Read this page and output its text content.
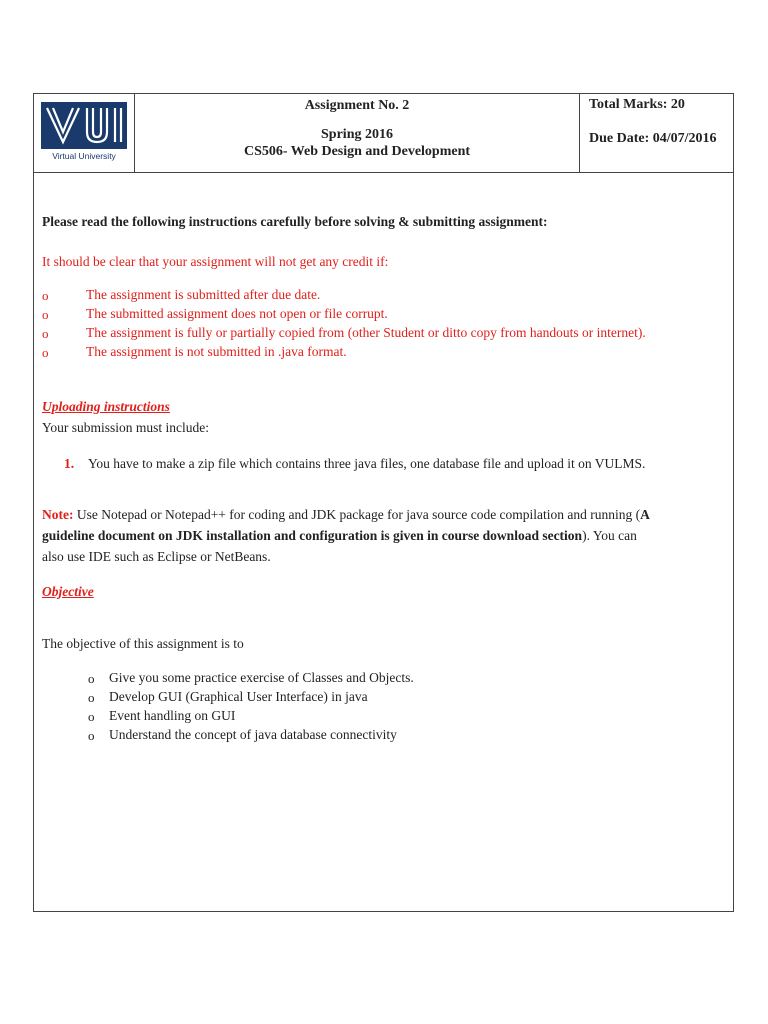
Virtual University
Assignment No. 2
Spring 2016
CS506- Web Design and Development
Total Marks: 20
Due Date: 04/07/2016
Please read the following instructions carefully before solving & submitting assignment:
It should be clear that your assignment will not get any credit if:
o	The assignment is submitted after due date.
o	The submitted assignment does not open or file corrupt.
o	The assignment is fully or partially copied from (other Student or ditto copy from handouts or internet).
o	The assignment is not submitted in .java format.
Uploading instructions
Your submission must include:
1. You have to make a zip file which contains three java files, one database file and upload it on VULMS.
Note: Use Notepad or Notepad++ for coding and JDK package for java source code compilation and running (A
guideline document on JDK installation and configuration is given in course download section). You can
also use IDE such as Eclipse or NetBeans.
Objective
The objective of this assignment is to
o Give you some practice exercise of Classes and Objects.
o Develop GUI (Graphical User Interface) in java
o Event handling on GUI
o Understand the concept of java database connectivity
